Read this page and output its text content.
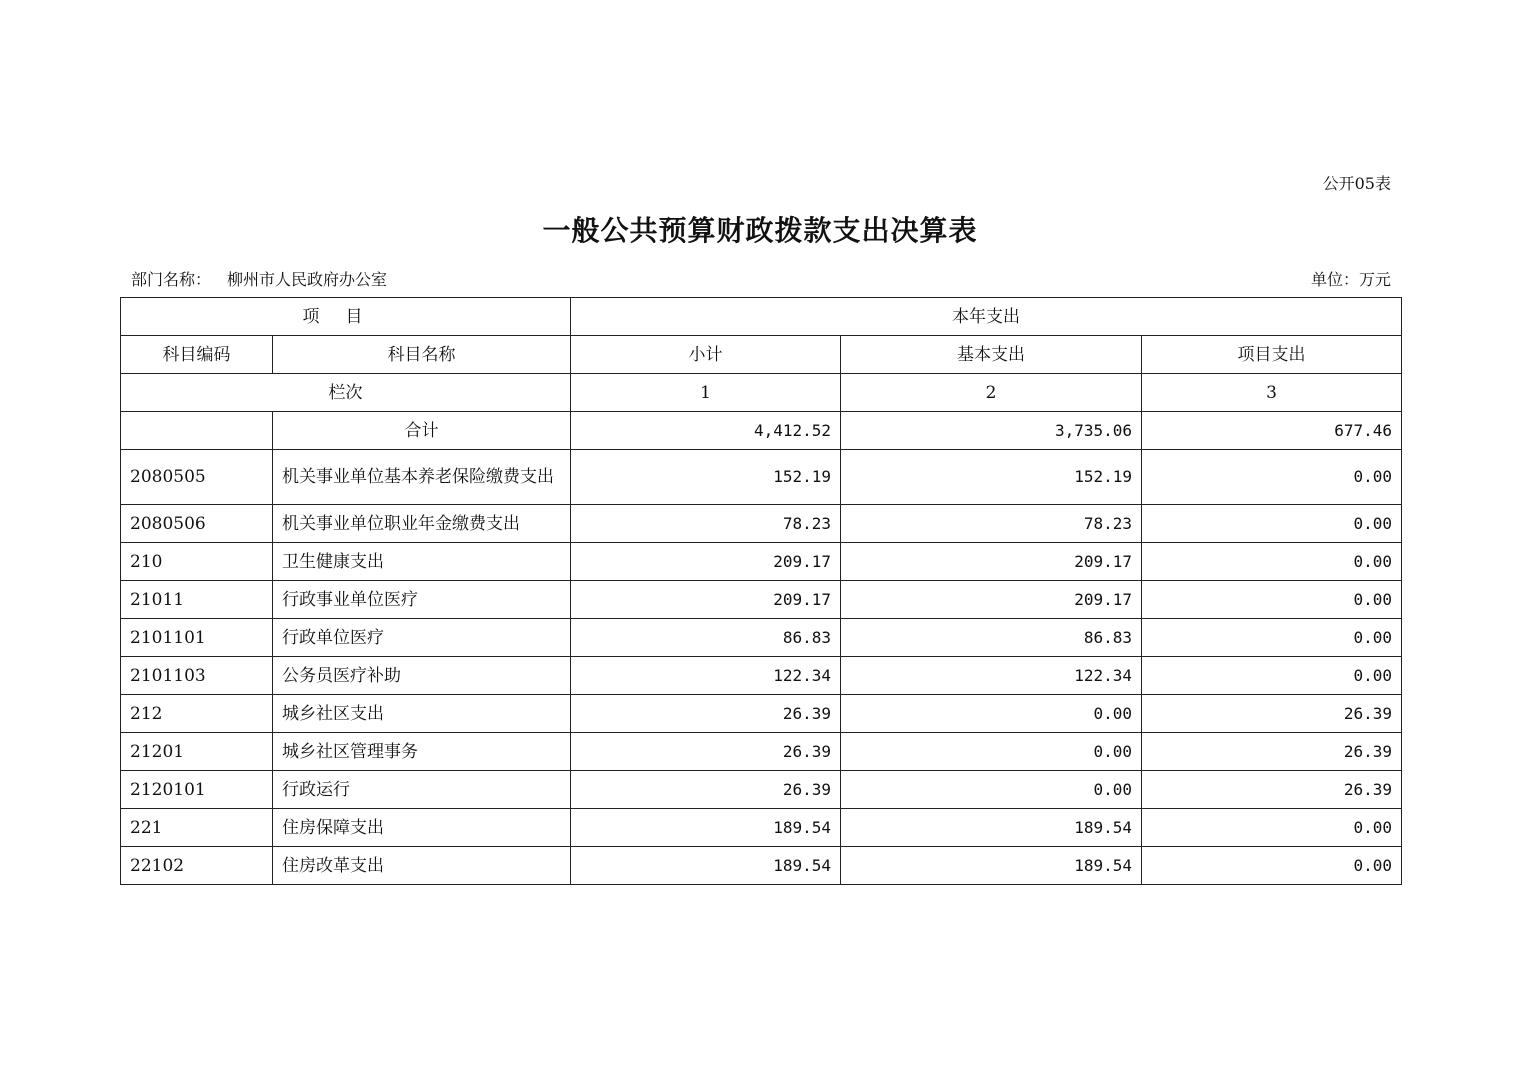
公开05表
一般公共预算财政拨款支出决算表
部门名称： 柳州市人民政府办公室	单位：万元
项目		本年支出		
科目编码	科目名称	小计	基本支出	项目支出
栏次		1	2	3
	合计	4,412.52	3,735.06	677.46
2080505	机关事业单位基本养老保险缴费支出	152.19	152.19	0.00
2080506	机关事业单位职业年金缴费支出	78.23	78.23	0.00
210	卫生健康支出	209.17	209.17	0.00
21011	行政事业单位医疗	209.17	209.17	0.00
2101101	行政单位医疗	86.83	86.83	0.00
2101103	公务员医疗补助	122.34	122.34	0.00
212	城乡社区支出	26.39	0.00	26.39
21201	城乡社区管理事务	26.39	0.00	26.39
2120101	行政运行	26.39	0.00	26.39
221	住房保障支出	189.54	189.54	0.00
22102	住房改革支出	189.54	189.54	0.00
